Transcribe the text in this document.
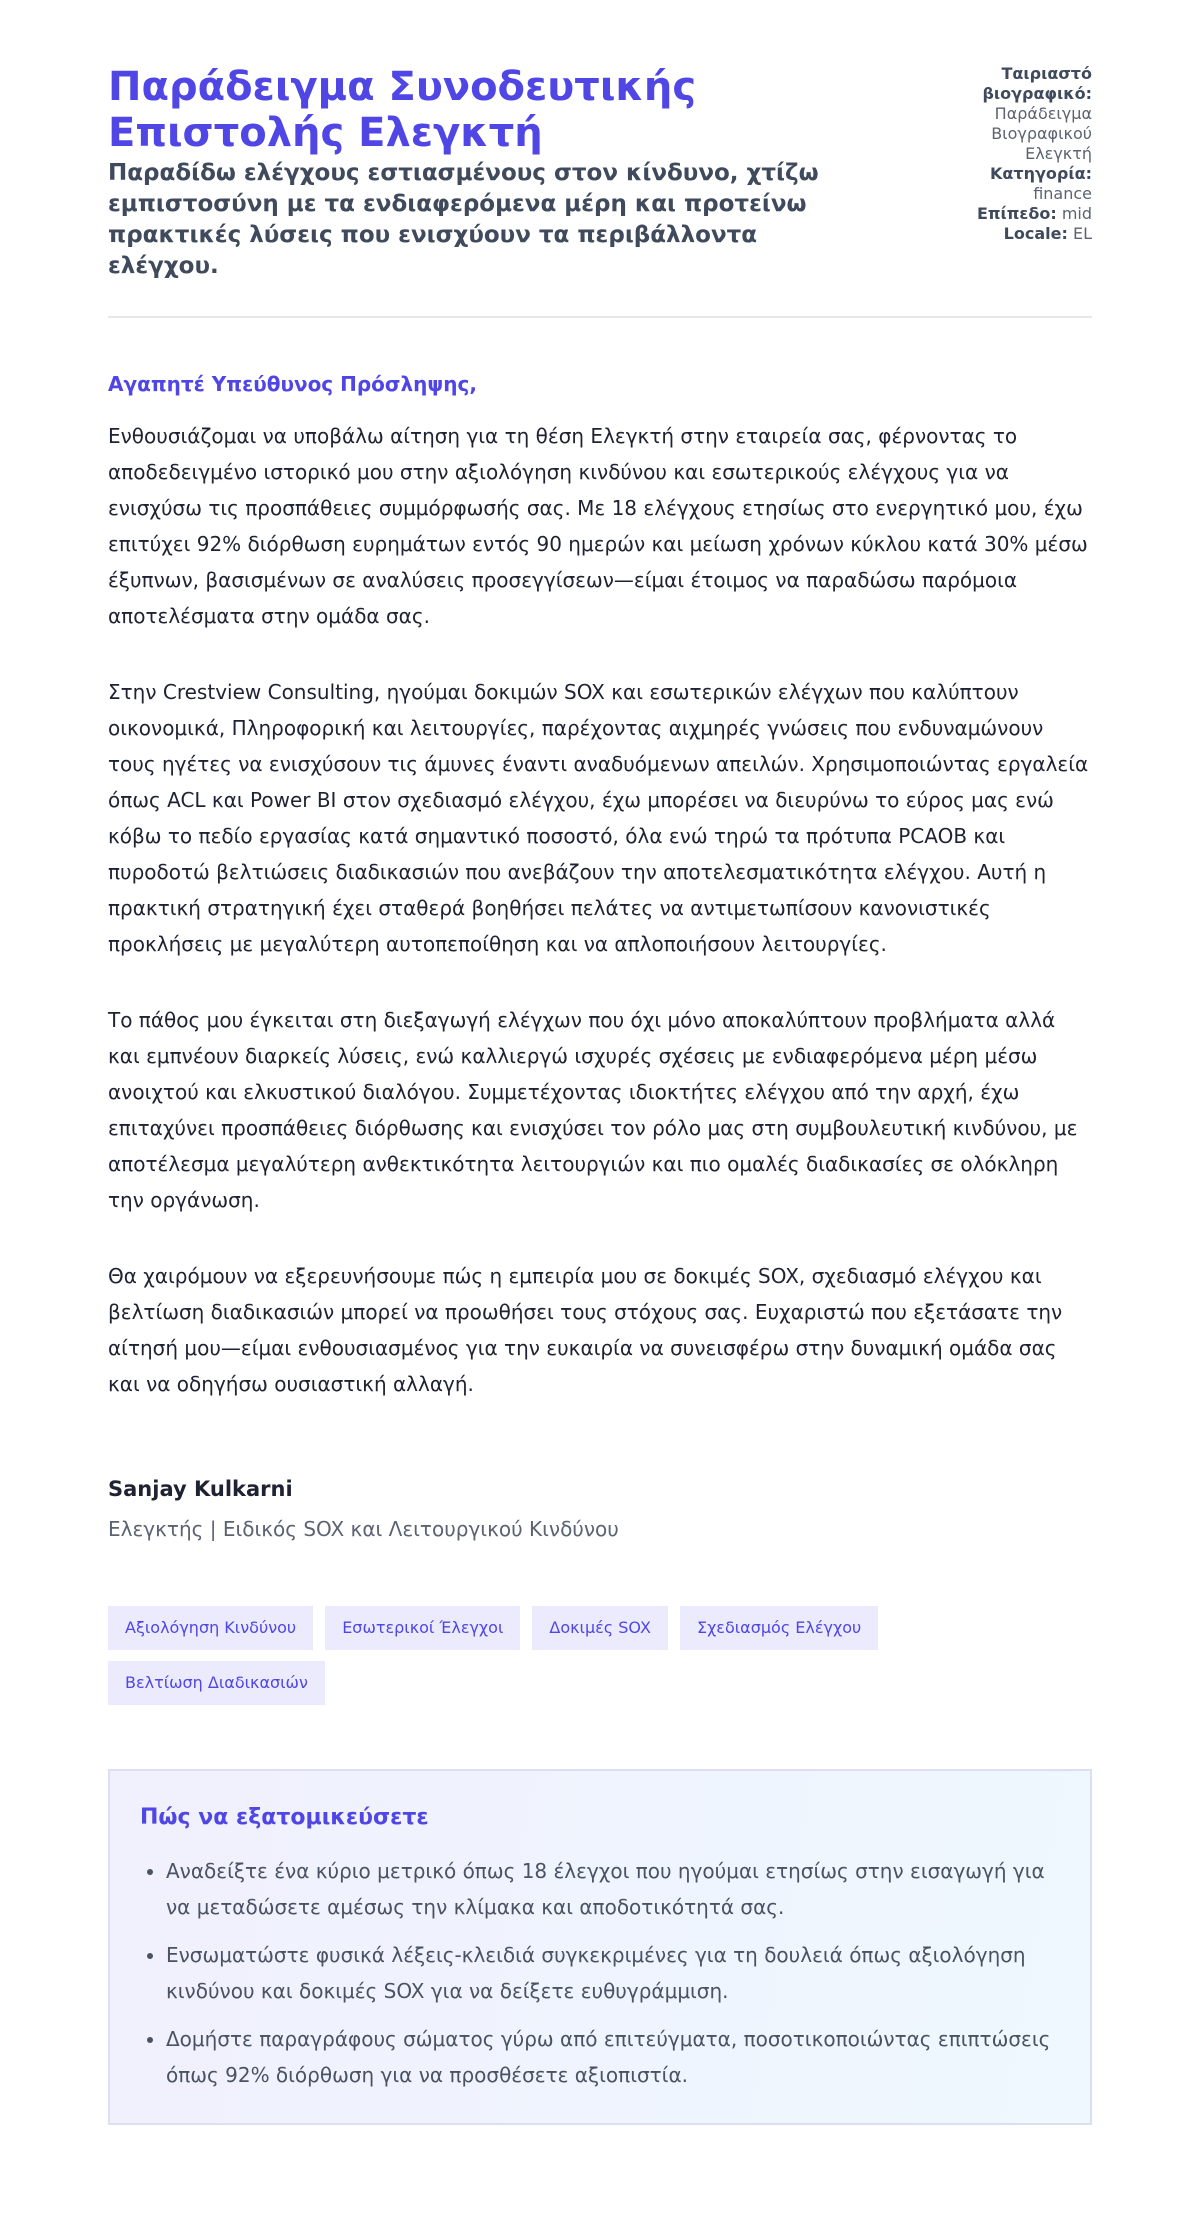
Παράδειγμα Συνοδευτικής Επιστολής Ελεγκτή

Παραδίδω ελέγχους εστιασμένους στον κίνδυνο, χτίζω εμπιστοσύνη με τα ενδιαφερόμενα μέρη και προτείνω πρακτικές λύσεις που ενισχύουν τα περιβάλλοντα ελέγχου.

Ταιριαστό βιογραφικό:
Παράδειγμα Βιογραφικού Ελεγκτή

Κατηγορία:
finance

Επίπεδο: mid

Locale: EL

Αγαπητέ Υπεύθυνος Πρόσληψης,

Ενθουσιάζομαι να υποβάλω αίτηση για τη θέση Ελεγκτή στην εταιρεία σας, φέρνοντας το αποδεδειγμένο ιστορικό μου στην αξιολόγηση κινδύνου και εσωτερικούς ελέγχους για να ενισχύσω τις προσπάθειες συμμόρφωσής σας. Με 18 ελέγχους ετησίως στο ενεργητικό μου, έχω επιτύχει 92% διόρθωση ευρημάτων εντός 90 ημερών και μείωση χρόνων κύκλου κατά 30% μέσω έξυπνων, βασισμένων σε αναλύσεις προσεγγίσεων—είμαι έτοιμος να παραδώσω παρόμοια αποτελέσματα στην ομάδα σας.

Στην Crestview Consulting, ηγούμαι δοκιμών SOX και εσωτερικών ελέγχων που καλύπτουν οικονομικά, Πληροφορική και λειτουργίες, παρέχοντας αιχμηρές γνώσεις που ενδυναμώνουν τους ηγέτες να ενισχύσουν τις άμυνες έναντι αναδυόμενων απειλών. Χρησιμοποιώντας εργαλεία όπως ACL και Power BI στον σχεδιασμό ελέγχου, έχω μπορέσει να διευρύνω το εύρος μας ενώ κόβω το πεδίο εργασίας κατά σημαντικό ποσοστό, όλα ενώ τηρώ τα πρότυπα PCAOB και πυροδοτώ βελτιώσεις διαδικασιών που ανεβάζουν την αποτελεσματικότητα ελέγχου. Αυτή η πρακτική στρατηγική έχει σταθερά βοηθήσει πελάτες να αντιμετωπίσουν κανονιστικές προκλήσεις με μεγαλύτερη αυτοπεποίθηση και να απλοποιήσουν λειτουργίες.

Το πάθος μου έγκειται στη διεξαγωγή ελέγχων που όχι μόνο αποκαλύπτουν προβλήματα αλλά και εμπνέουν διαρκείς λύσεις, ενώ καλλιεργώ ισχυρές σχέσεις με ενδιαφερόμενα μέρη μέσω ανοιχτού και ελκυστικού διαλόγου. Συμμετέχοντας ιδιοκτήτες ελέγχου από την αρχή, έχω επιταχύνει προσπάθειες διόρθωσης και ενισχύσει τον ρόλο μας στη συμβουλευτική κινδύνου, με αποτέλεσμα μεγαλύτερη ανθεκτικότητα λειτουργιών και πιο ομαλές διαδικασίες σε ολόκληρη την οργάνωση.

Θα χαιρόμουν να εξερευνήσουμε πώς η εμπειρία μου σε δοκιμές SOX, σχεδιασμό ελέγχου και βελτίωση διαδικασιών μπορεί να προωθήσει τους στόχους σας. Ευχαριστώ που εξετάσατε την αίτησή μου—είμαι ενθουσιασμένος για την ευκαιρία να συνεισφέρω στην δυναμική ομάδα σας και να οδηγήσω ουσιαστική αλλαγή.

Sanjay Kulkarni

Ελεγκτής | Ειδικός SOX και Λειτουργικού Κινδύνου

Αξιολόγηση Κινδύνου	Εσωτερικοί Έλεγχοι	Δοκιμές SOX	Σχεδιασμός Ελέγχου
Βελτίωση Διαδικασιών
Πώς να εξατομικεύσετε
• Αναδείξτε ένα κύριο μετρικό όπως 18 έλεγχοι που ηγούμαι ετησίως στην εισαγωγή για να μεταδώσετε αμέσως την κλίμακα και αποδοτικότητά σας.
• Ενσωματώστε φυσικά λέξεις-κλειδιά συγκεκριμένες για τη δουλειά όπως αξιολόγηση κινδύνου και δοκιμές SOX για να δείξετε ευθυγράμμιση.
• Δομήστε παραγράφους σώματος γύρω από επιτεύγματα, ποσοτικοποιώντας επιπτώσεις όπως 92% διόρθωση για να προσθέσετε αξιοπιστία.
